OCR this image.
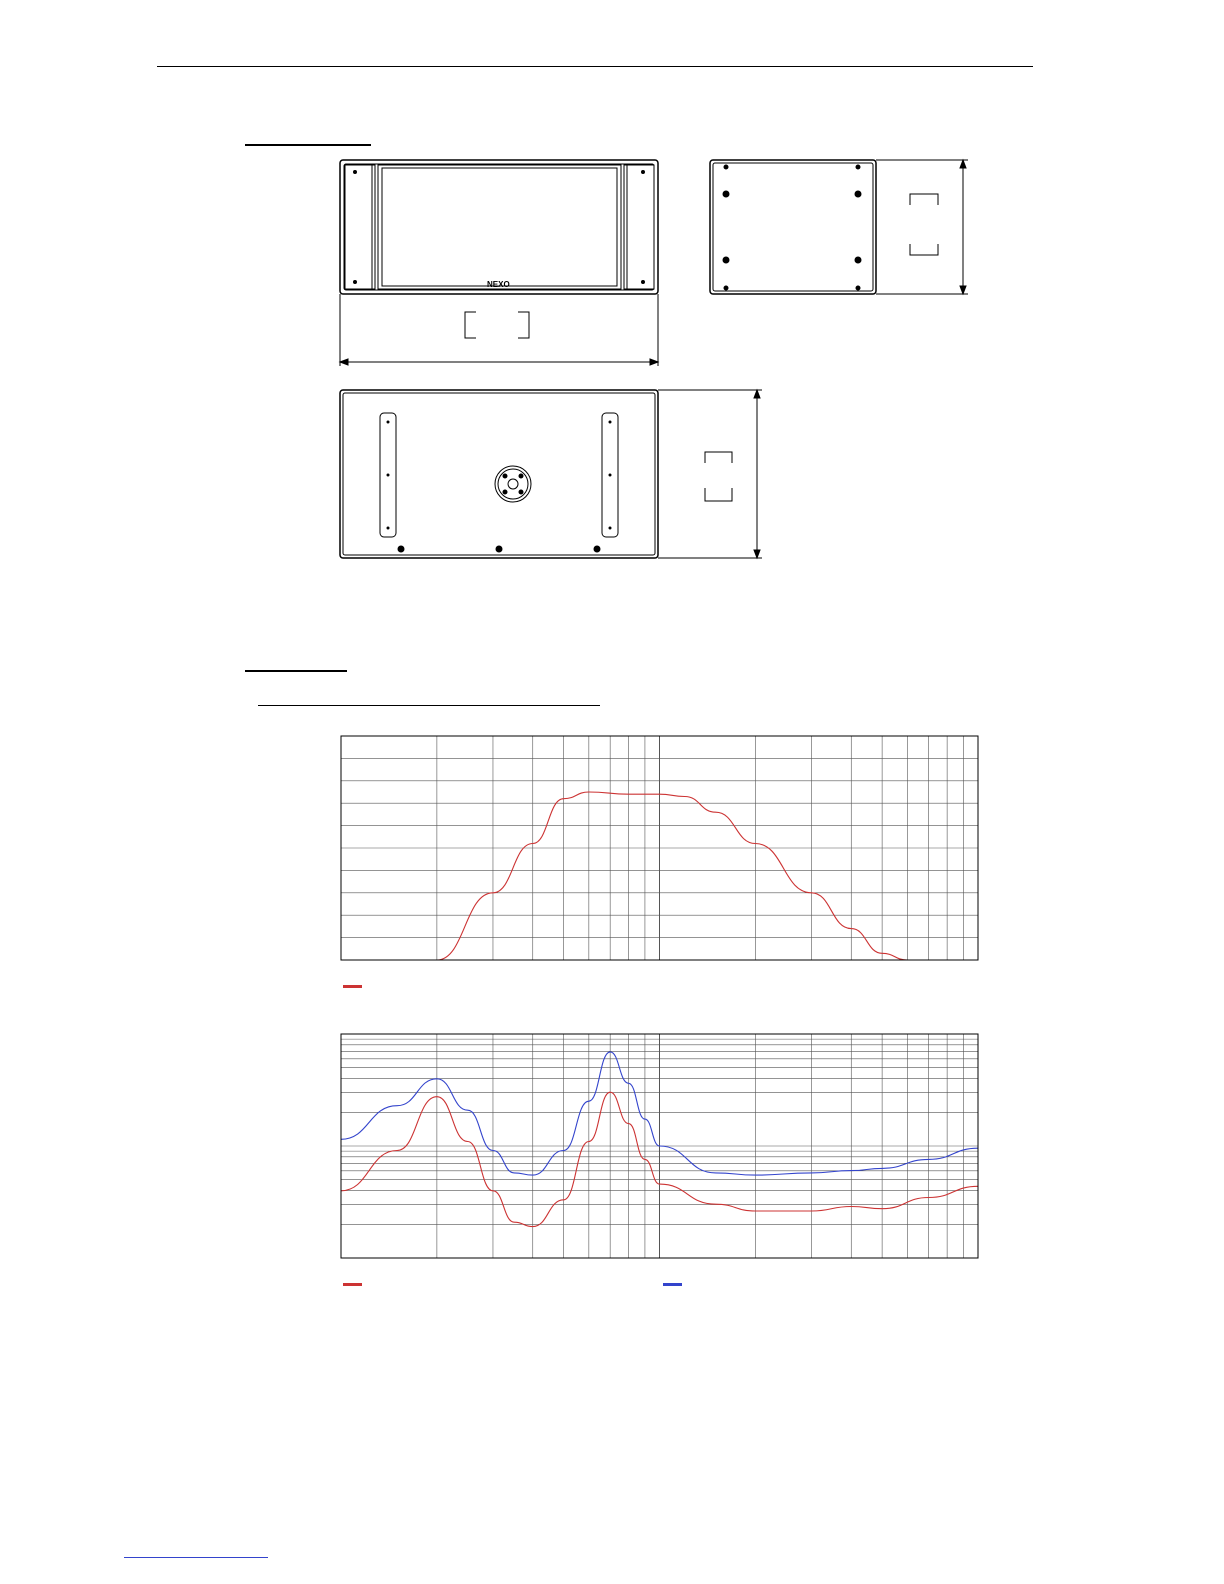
NEXO
